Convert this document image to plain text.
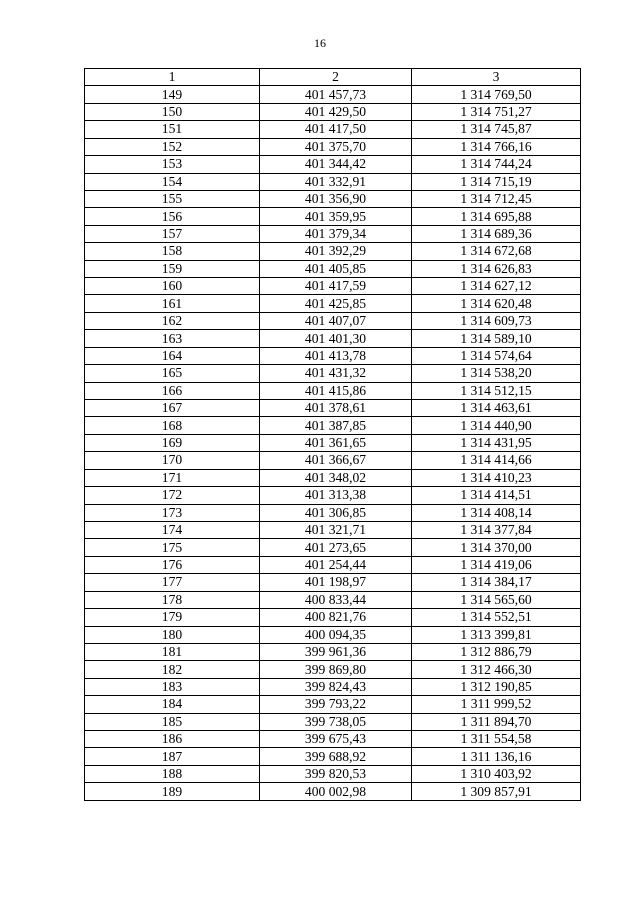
16
1	2	3
149	401 457,73	1 314 769,50
150	401 429,50	1 314 751,27
151	401 417,50	1 314 745,87
152	401 375,70	1 314 766,16
153	401 344,42	1 314 744,24
154	401 332,91	1 314 715,19
155	401 356,90	1 314 712,45
156	401 359,95	1 314 695,88
157	401 379,34	1 314 689,36
158	401 392,29	1 314 672,68
159	401 405,85	1 314 626,83
160	401 417,59	1 314 627,12
161	401 425,85	1 314 620,48
162	401 407,07	1 314 609,73
163	401 401,30	1 314 589,10
164	401 413,78	1 314 574,64
165	401 431,32	1 314 538,20
166	401 415,86	1 314 512,15
167	401 378,61	1 314 463,61
168	401 387,85	1 314 440,90
169	401 361,65	1 314 431,95
170	401 366,67	1 314 414,66
171	401 348,02	1 314 410,23
172	401 313,38	1 314 414,51
173	401 306,85	1 314 408,14
174	401 321,71	1 314 377,84
175	401 273,65	1 314 370,00
176	401 254,44	1 314 419,06
177	401 198,97	1 314 384,17
178	400 833,44	1 314 565,60
179	400 821,76	1 314 552,51
180	400 094,35	1 313 399,81
181	399 961,36	1 312 886,79
182	399 869,80	1 312 466,30
183	399 824,43	1 312 190,85
184	399 793,22	1 311 999,52
185	399 738,05	1 311 894,70
186	399 675,43	1 311 554,58
187	399 688,92	1 311 136,16
188	399 820,53	1 310 403,92
189	400 002,98	1 309 857,91
